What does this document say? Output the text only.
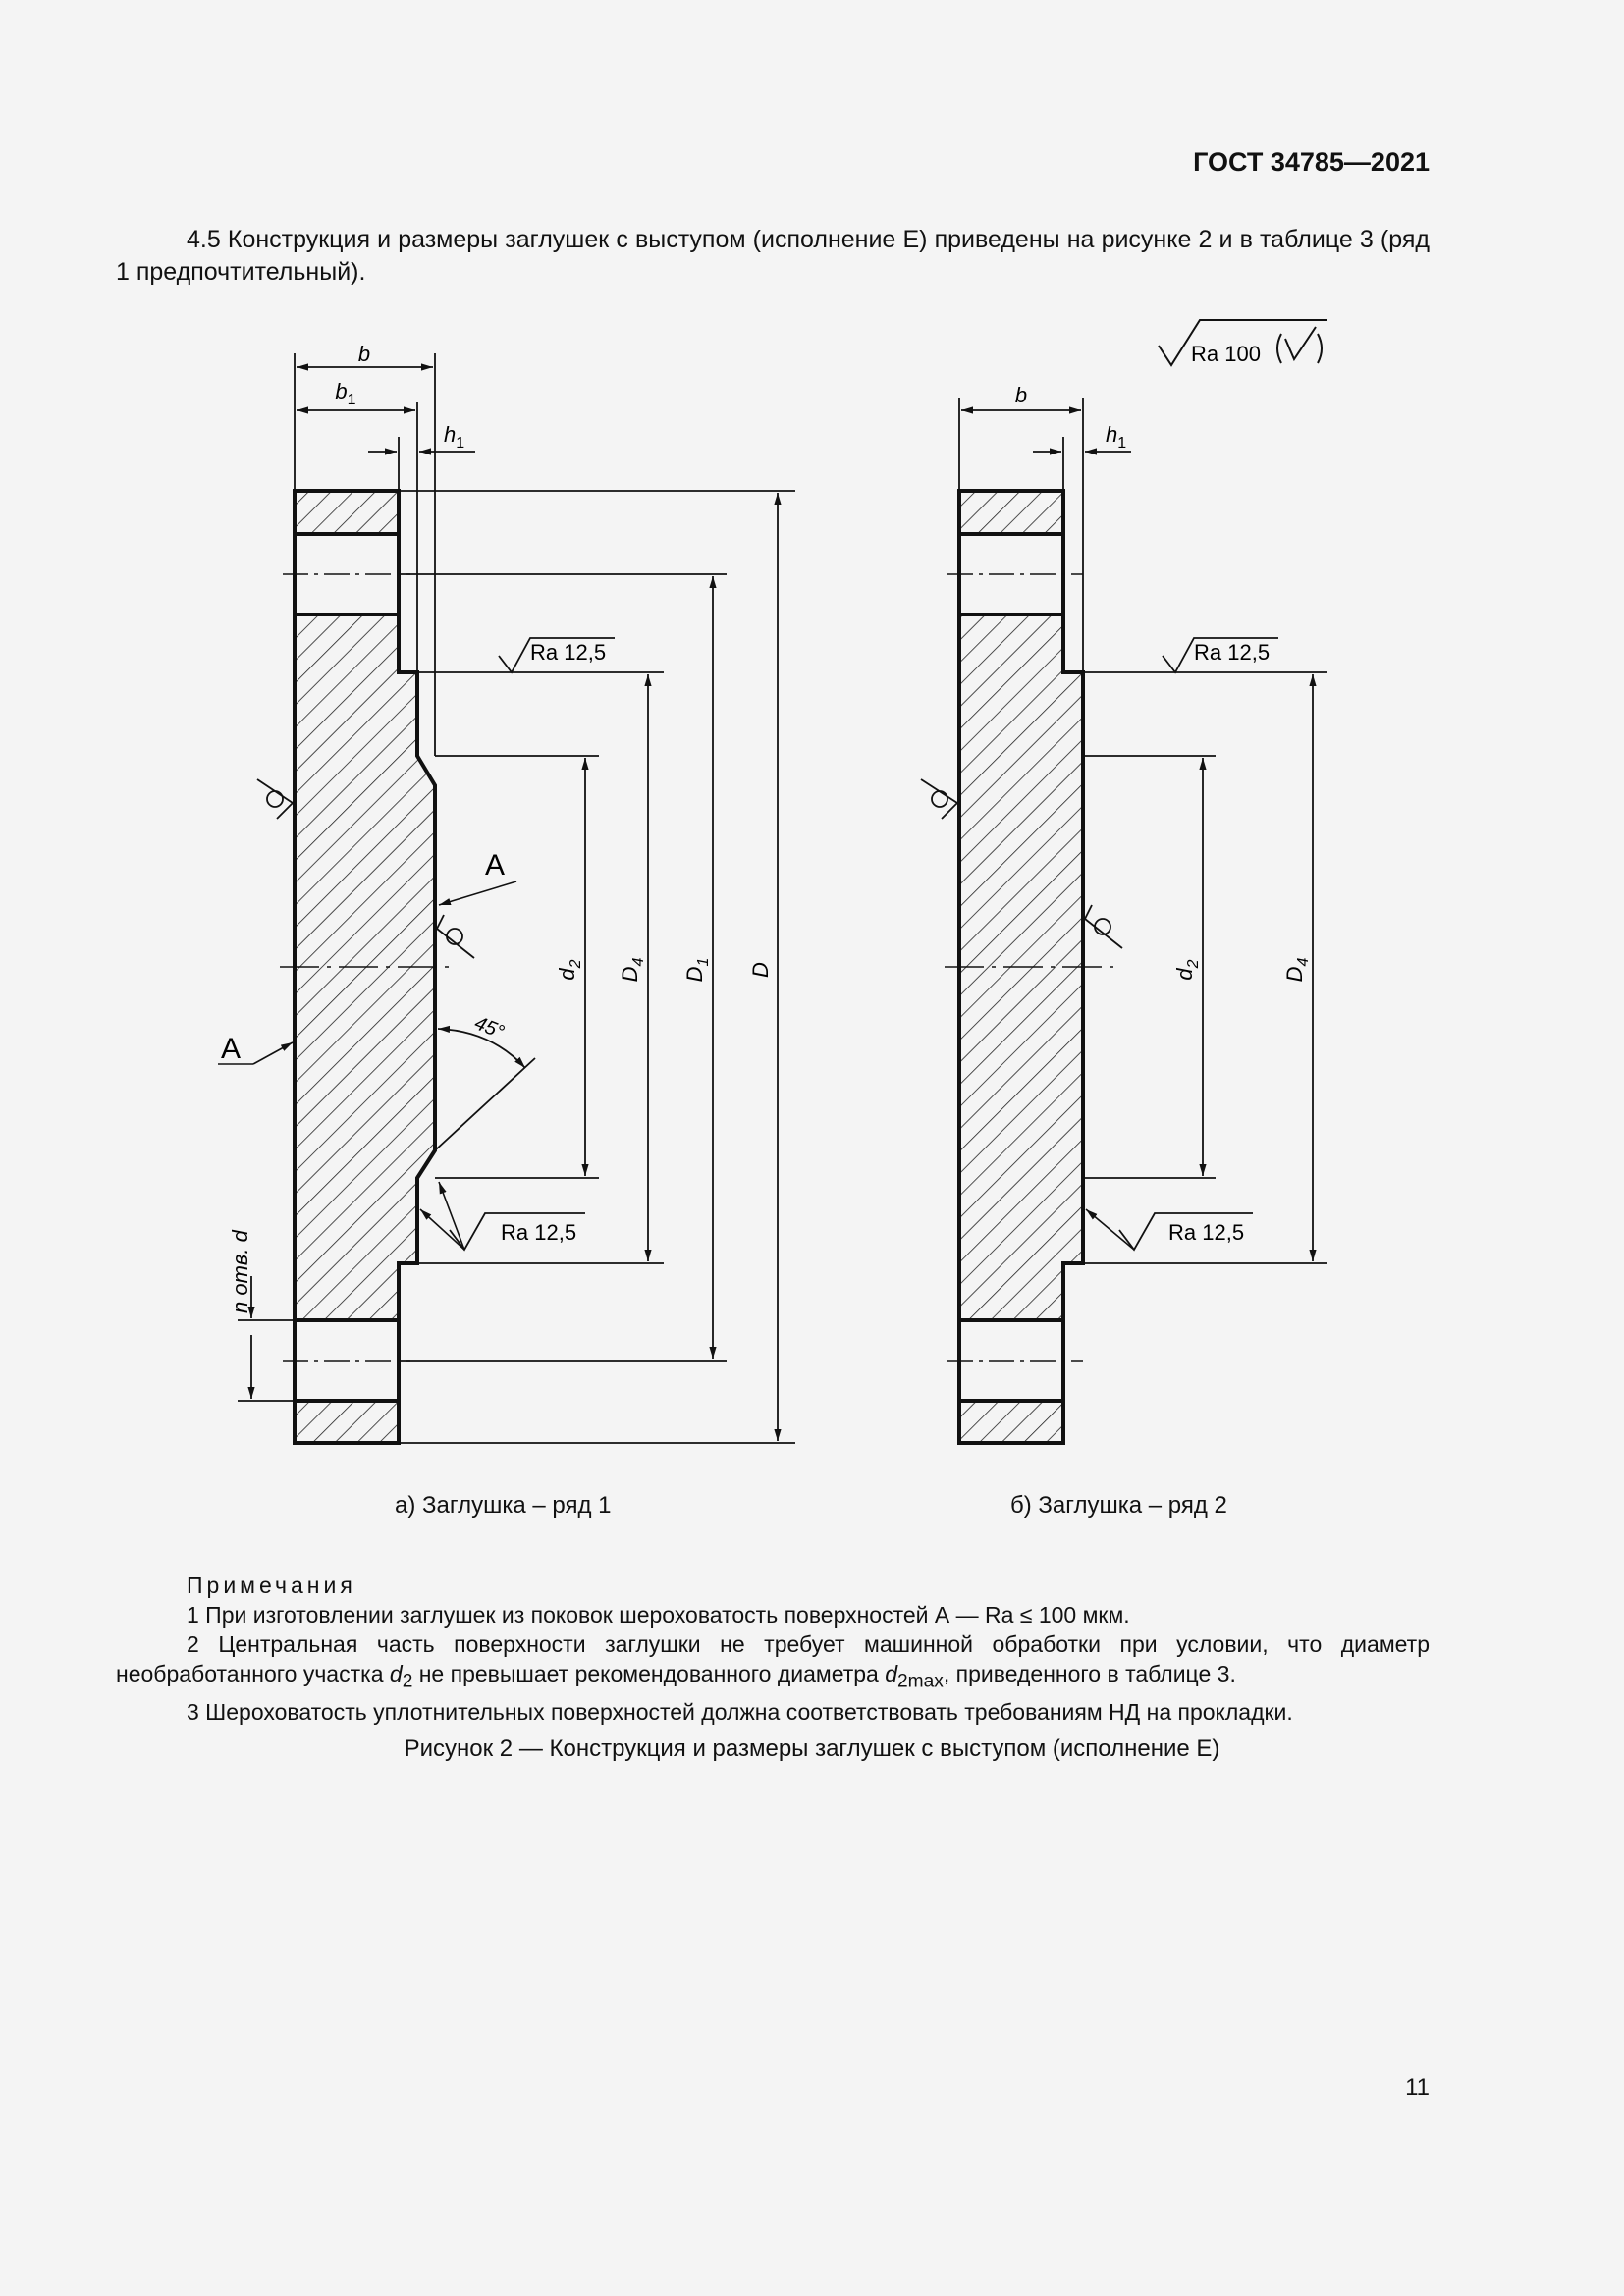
ГОСТ 34785—2021
4.5 Конструкция и размеры заглушек с выступом (исполнение Е) приведены на рисунке 2 и в таблице 3 (ряд 1 предпочтительный).
Ra 100
$d_2$
$D_4$
$D_1$ D
b
$b_1$
$h_1$
Ra 12,5
Ra 12,5
45°
A
A
n отв. d
$d_2$
$D_4$
b
$h_1$
Ra 12,5
Ra 12,5
а) Заглушка – ряд 1	б) Заглушка – ряд 2
Примечания
1 При изготовлении заглушек из поковок шероховатость поверхностей А — Ra ≤ 100 мкм.
2 Центральная часть поверхности заглушки не требует машинной обработки при условии, что диаметр необработанного участка $d_2$ не превышает рекомендованного диаметра $d_{2max}$, приведенного в таблице 3.
3 Шероховатость уплотнительных поверхностей должна соответствовать требованиям НД на прокладки.
Рисунок 2 — Конструкция и размеры заглушек с выступом (исполнение Е)
11
